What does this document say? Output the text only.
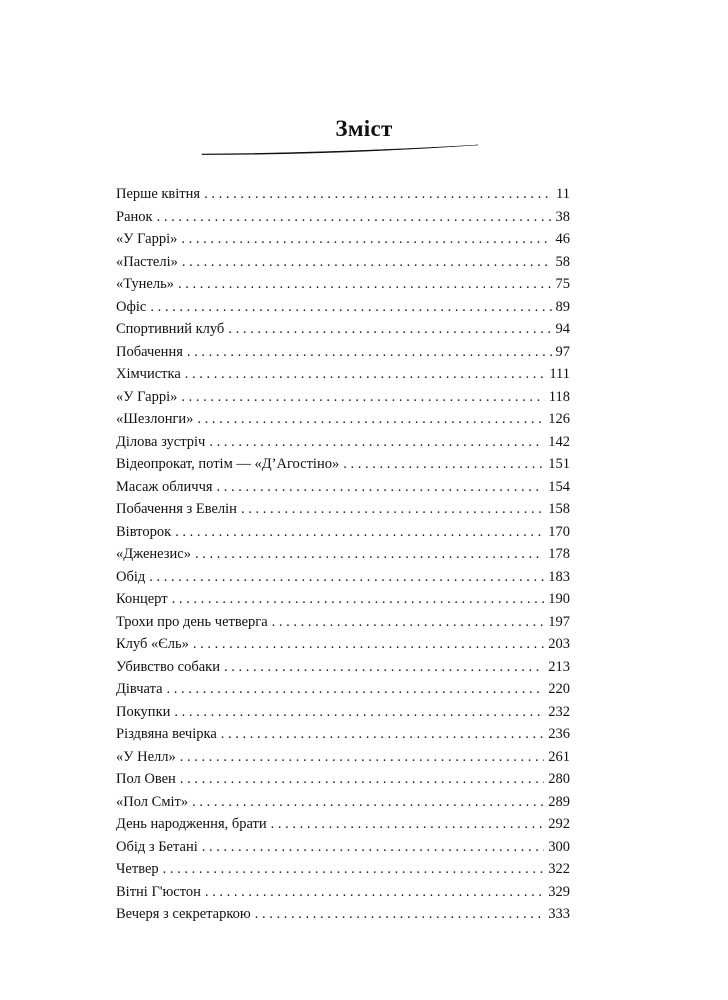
Зміст
Перше квітня . . .	11
Ранок . . .	38
«У Гаррі» . . .	46
«Пастелі» . . .	58
«Тунель» . . .	75
Офіс . . .	89
Спортивний клуб . . .	94
Побачення . . .	97
Хімчистка . . .	111
«У Гаррі» . . .	118
«Шезлонги» . . .	126
Ділова зустріч . . .	142
Відеопрокат, потім — «Д’Агостіно» . . .	151
Масаж обличчя . . .	154
Побачення з Евелін . . .	158
Вівторок . . .	170
«Дженезис» . . .	178
Обід . . .	183
Концерт . . .	190
Трохи про день четверга . . .	197
Клуб «Єль» . . .	203
Убивство собаки . . .	213
Дівчата . . .	220
Покупки . . .	232
Різдвяна вечірка . . .	236
«У Нелл» . . .	261
Пол Овен . . .	280
«Пол Сміт» . . .	289
День народження, брати . . .	292
Обід з Бетані . . .	300
Четвер . . .	322
Вітні Г'юстон . . .	329
Вечеря з секретаркою . . .	333
